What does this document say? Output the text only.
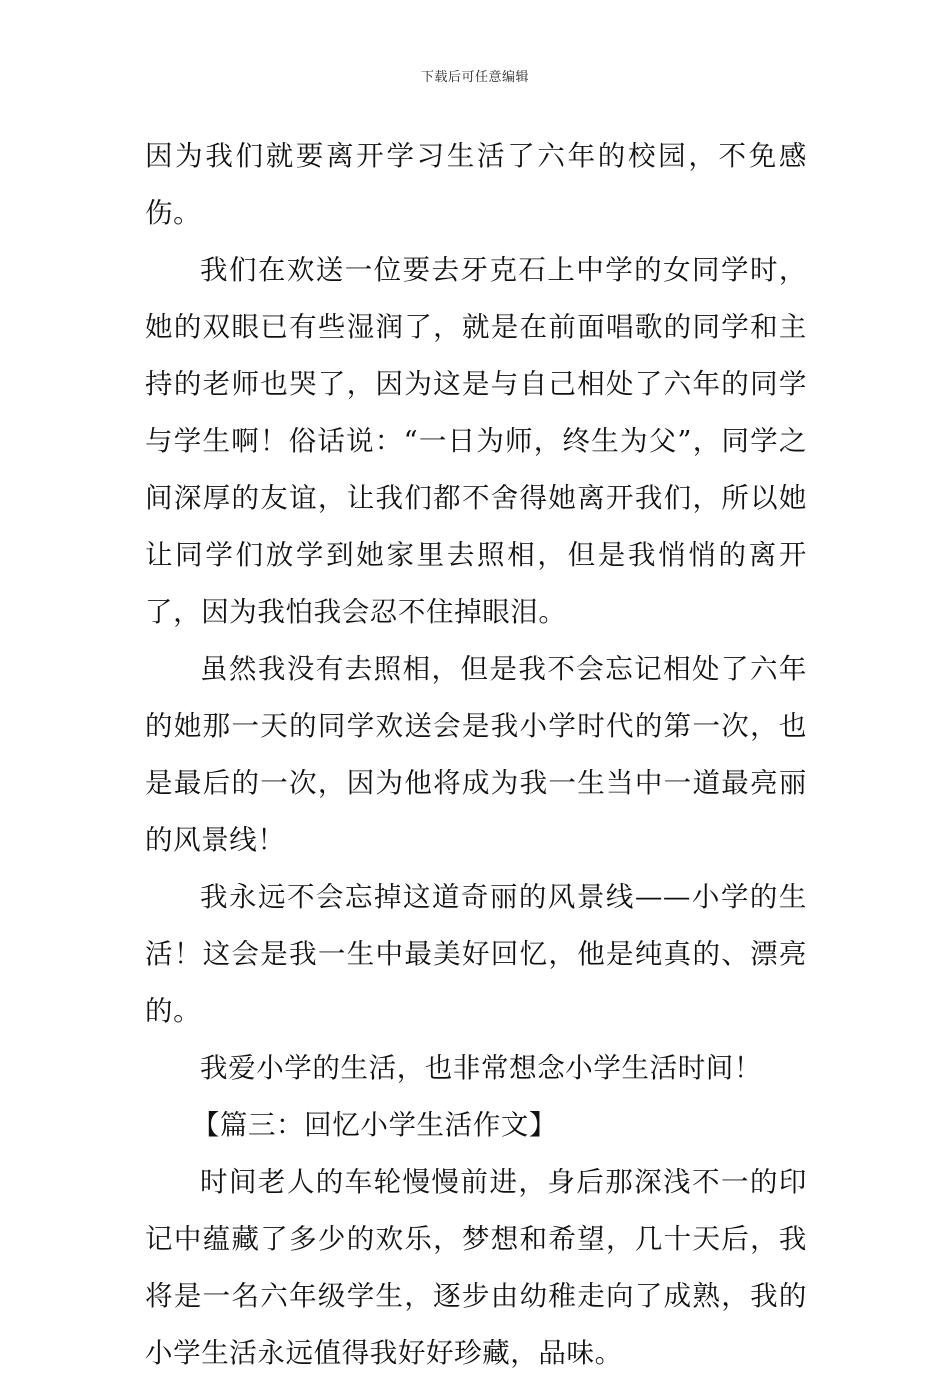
下载后可任意编辑

因为我们就要离开学习生活了六年的校园，不免感伤。

我们在欢送一位要去牙克石上中学的女同学时，她的双眼已有些湿润了，就是在前面唱歌的同学和主持的老师也哭了，因为这是与自己相处了六年的同学与学生啊！俗话说：“一日为师，终生为父”，同学之间深厚的友谊，让我们都不舍得她离开我们，所以她让同学们放学到她家里去照相，但是我悄悄的离开了，因为我怕我会忍不住掉眼泪。

虽然我没有去照相，但是我不会忘记相处了六年的她那一天的同学欢送会是我小学时代的第一次，也是最后的一次，因为他将成为我一生当中一道最亮丽的风景线！

我永远不会忘掉这道奇丽的风景线——小学的生活！这会是我一生中最美好回忆，他是纯真的、漂亮的。

我爱小学的生活，也非常想念小学生活时间！

【篇三：回忆小学生活作文】

时间老人的车轮慢慢前进，身后那深浅不一的印记中蕴藏了多少的欢乐，梦想和希望，几十天后，我将是一名六年级学生，逐步由幼稚走向了成熟，我的小学生活永远值得我好好珍藏，品味。
